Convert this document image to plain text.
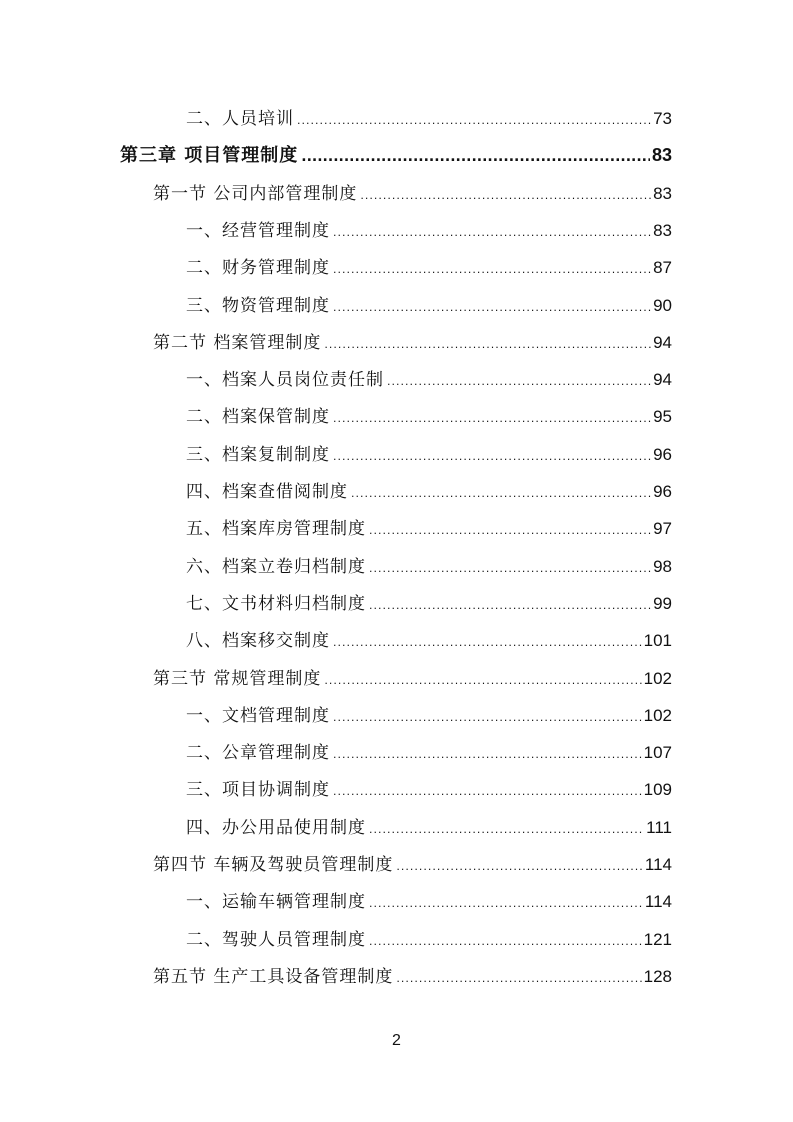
二、人员培训 .....	73
第三章 项目管理制度 .....	83
第一节 公司内部管理制度 .....	83
一、经营管理制度 .....	83
二、财务管理制度 .....	87
三、物资管理制度 .....	90
第二节 档案管理制度 .....	94
一、档案人员岗位责任制 .....	94
二、档案保管制度 .....	95
三、档案复制制度 .....	96
四、档案查借阅制度 .....	96
五、档案库房管理制度 .....	97
六、档案立卷归档制度 .....	98
七、文书材料归档制度 .....	99
八、档案移交制度 .....	101
第三节 常规管理制度 .....	102
一、文档管理制度 .....	102
二、公章管理制度 .....	107
三、项目协调制度 .....	109
四、办公用品使用制度 .....	111
第四节 车辆及驾驶员管理制度 .....	114
一、运输车辆管理制度 .....	114
二、驾驶人员管理制度 .....	121
第五节 生产工具设备管理制度 .....	128
2
